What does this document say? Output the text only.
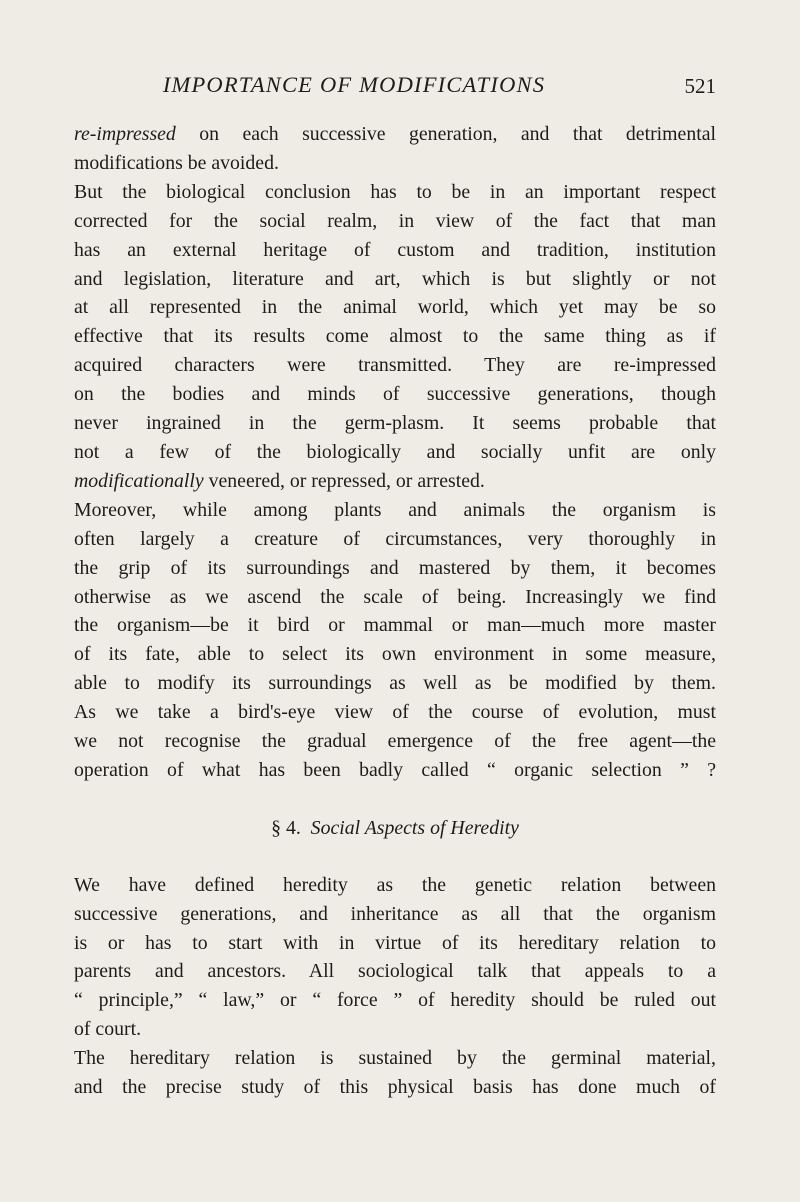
IMPORTANCE OF MODIFICATIONS	521
re-impressed on each successive generation, and that detrimental
modifications be avoided.
But the biological conclusion has to be in an important respect
corrected for the social realm, in view of the fact that man
has an external heritage of custom and tradition, institution
and legislation, literature and art, which is but slightly or not
at all represented in the animal world, which yet may be so
effective that its results come almost to the same thing as if
acquired characters were transmitted. They are re-impressed
on the bodies and minds of successive generations, though
never ingrained in the germ-plasm. It seems probable that
not a few of the biologically and socially unfit are only
modificationally veneered, or repressed, or arrested.
Moreover, while among plants and animals the organism is
often largely a creature of circumstances, very thoroughly in
the grip of its surroundings and mastered by them, it becomes
otherwise as we ascend the scale of being. Increasingly we find
the organism—be it bird or mammal or man—much more master
of its fate, able to select its own environment in some measure,
able to modify its surroundings as well as be modified by them.
As we take a bird's-eye view of the course of evolution, must
we not recognise the gradual emergence of the free agent—the
operation of what has been badly called “ organic selection ” ?
§ 4. Social Aspects of Heredity
We have defined heredity as the genetic relation between
successive generations, and inheritance as all that the organism
is or has to start with in virtue of its hereditary relation to
parents and ancestors. All sociological talk that appeals to a
“ principle,” “ law,” or “ force ” of heredity should be ruled out
of court.
The hereditary relation is sustained by the germinal material,
and the precise study of this physical basis has done much of
